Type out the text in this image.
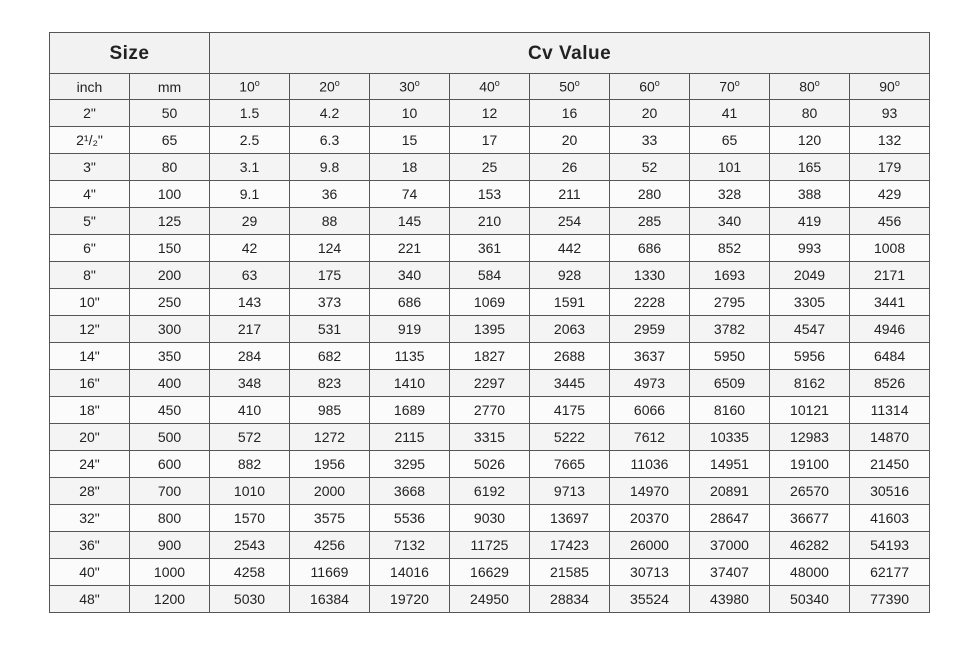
Size		Cv Value								
inch	mm	10$^o$	20$^o$	30$^o$	40$^o$	50$^o$	60$^o$	70$^o$	80$^o$	90$^o$
2"	50	1.5	4.2	10	12	16	20	41	80	93
2¹/₂"	65	2.5	6.3	15	17	20	33	65	120	132
3"	80	3.1	9.8	18	25	26	52	101	165	179
4"	100	9.1	36	74	153	211	280	328	388	429
5"	125	29	88	145	210	254	285	340	419	456
6"	150	42	124	221	361	442	686	852	993	1008
8"	200	63	175	340	584	928	1330	1693	2049	2171
10"	250	143	373	686	1069	1591	2228	2795	3305	3441
12"	300	217	531	919	1395	2063	2959	3782	4547	4946
14"	350	284	682	1135	1827	2688	3637	5950	5956	6484
16"	400	348	823	1410	2297	3445	4973	6509	8162	8526
18"	450	410	985	1689	2770	4175	6066	8160	10121	11314
20"	500	572	1272	2115	3315	5222	7612	10335	12983	14870
24"	600	882	1956	3295	5026	7665	11036	14951	19100	21450
28"	700	1010	2000	3668	6192	9713	14970	20891	26570	30516
32"	800	1570	3575	5536	9030	13697	20370	28647	36677	41603
36"	900	2543	4256	7132	11725	17423	26000	37000	46282	54193
40"	1000	4258	11669	14016	16629	21585	30713	37407	48000	62177
48"	1200	5030	16384	19720	24950	28834	35524	43980	50340	77390
